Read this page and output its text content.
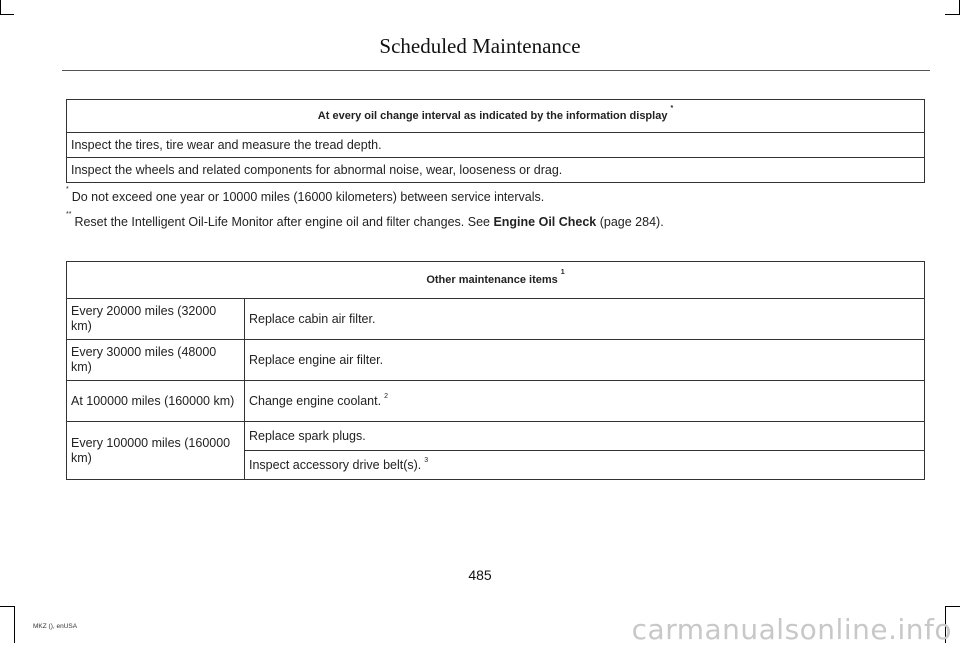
Scheduled Maintenance
At every oil change interval as indicated by the information display*
Inspect the tires, tire wear and measure the tread depth.
Inspect the wheels and related components for abnormal noise, wear, looseness or drag.
*Do not exceed one year or 10000 miles (16000 kilometers) between service intervals.
**Reset the Intelligent Oil-Life Monitor after engine oil and filter changes. See Engine Oil Check (page 284).
Other maintenance items$^1$
Every 20000 miles (32000 km)	Replace cabin air filter.
Every 30000 miles (48000 km)	Replace engine air filter.
At 100000 miles (160000 km)	Change engine coolant. $^2$
Every 100000 miles (160000 km)	Replace spark plugs.
	Inspect accessory drive belt(s). $^3$
485
MKZ (), enUSA	carmanualsonline.info
